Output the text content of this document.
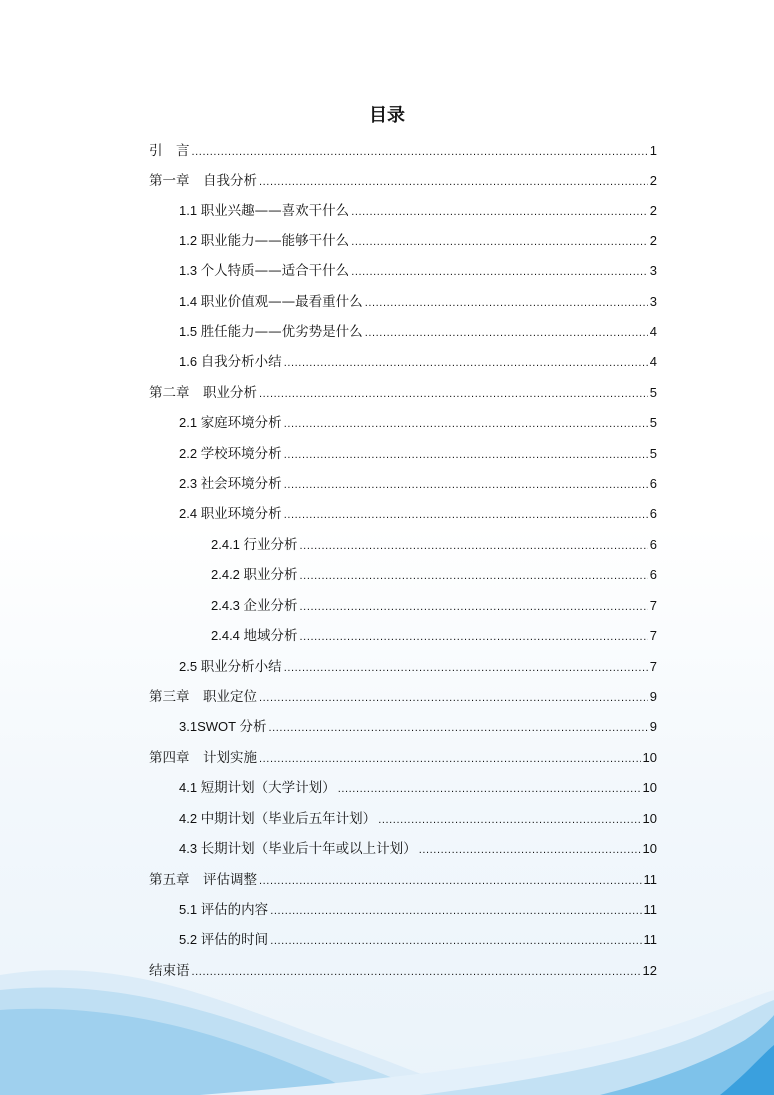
目录
引　言 .....	1
第一章　自我分析 .....	2
1.1 职业兴趣——喜欢干什么 .....	2
1.2 职业能力——能够干什么 .....	2
1.3 个人特质——适合干什么 .....	3
1.4 职业价值观——最看重什么 .....	3
1.5 胜任能力——优劣势是什么 .....	4
1.6 自我分析小结 .....	4
第二章　职业分析 .....	5
2.1 家庭环境分析 .....	5
2.2 学校环境分析 .....	5
2.3 社会环境分析 .....	6
2.4 职业环境分析 .....	6
2.4.1 行业分析 .....	6
2.4.2 职业分析 .....	6
2.4.3 企业分析 .....	7
2.4.4 地域分析 .....	7
2.5 职业分析小结 .....	7
第三章　职业定位 .....	9
3.1SWOT 分析 .....	9
第四章　计划实施 .....	10
4.1 短期计划（大学计划） .....	10
4.2 中期计划（毕业后五年计划） .....	10
4.3 长期计划（毕业后十年或以上计划） .....	10
第五章　评估调整 .....	11
5.1 评估的内容 .....	11
5.2 评估的时间 .....	11
结束语 .....	12
